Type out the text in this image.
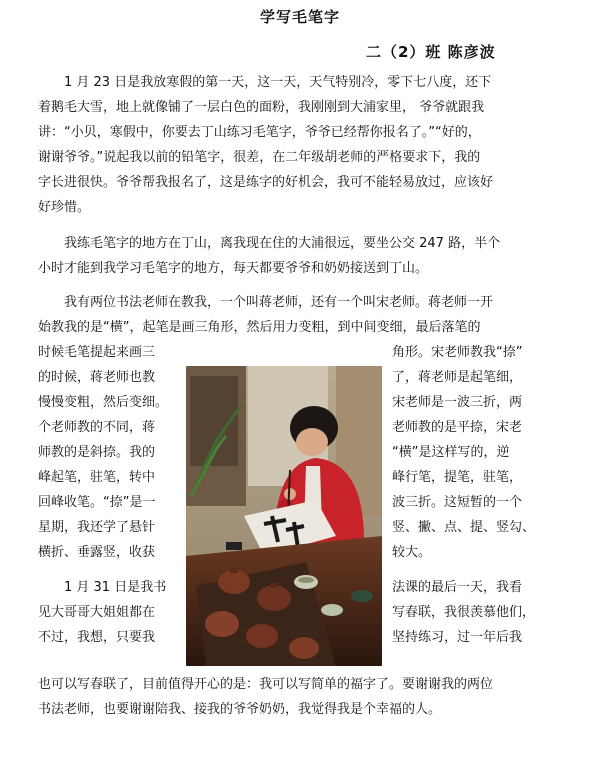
学写毛笔字
二（2）班 陈彦波
1 月 23 日是我放寒假的第一天，这一天，天气特别冷，零下七八度，还下
着鹅毛大雪，地上就像铺了一层白色的面粉，我刚刚到大浦家里， 爷爷就跟我
讲：“小贝，寒假中，你要去丁山练习毛笔字，爷爷已经帮你报名了。”“好的，
谢谢爷爷。”说起我以前的铅笔字，很差，在二年级胡老师的严格要求下，我的
字长进很快。爷爷帮我报名了，这是练字的好机会，我可不能轻易放过，应该好
好珍惜。
我练毛笔字的地方在丁山，离我现在住的大浦很远，要坐公交 247 路，半个
小时才能到我学习毛笔字的地方，每天都要爷爷和奶奶接送到丁山。
我有两位书法老师在教我，一个叫蒋老师，还有一个叫宋老师。蒋老师一开
始教我的是“横”，起笔是画三角形，然后用力变粗，到中间变细，最后落笔的
时候毛笔提起来画三
的时候，蒋老师也教
慢慢变粗，然后变细。
个老师教的不同，蒋
师教的是斜捺。我的
峰起笔，驻笔，转中
回峰收笔。“捺”是一
星期，我还学了悬针
横折、垂露竖，收获
1 月 31 日是我书
见大哥哥大姐姐都在
不过，我想，只要我
角形。宋老师教我“捺”
了，蒋老师是起笔细，
宋老师是一波三折，两
老师教的是平捺，宋老
“横”是这样写的，逆
峰行笔，提笔，驻笔，
波三折。这短暂的一个
竖、撇、点、提、竖勾、
较大。
法课的最后一天，我看
写春联，我很羡慕他们，
坚持练习，过一年后我
也可以写春联了，目前值得开心的是：我可以写简单的福字了。要谢谢我的两位
书法老师，也要谢谢陪我、接我的爷爷奶奶，我觉得我是个幸福的人。
